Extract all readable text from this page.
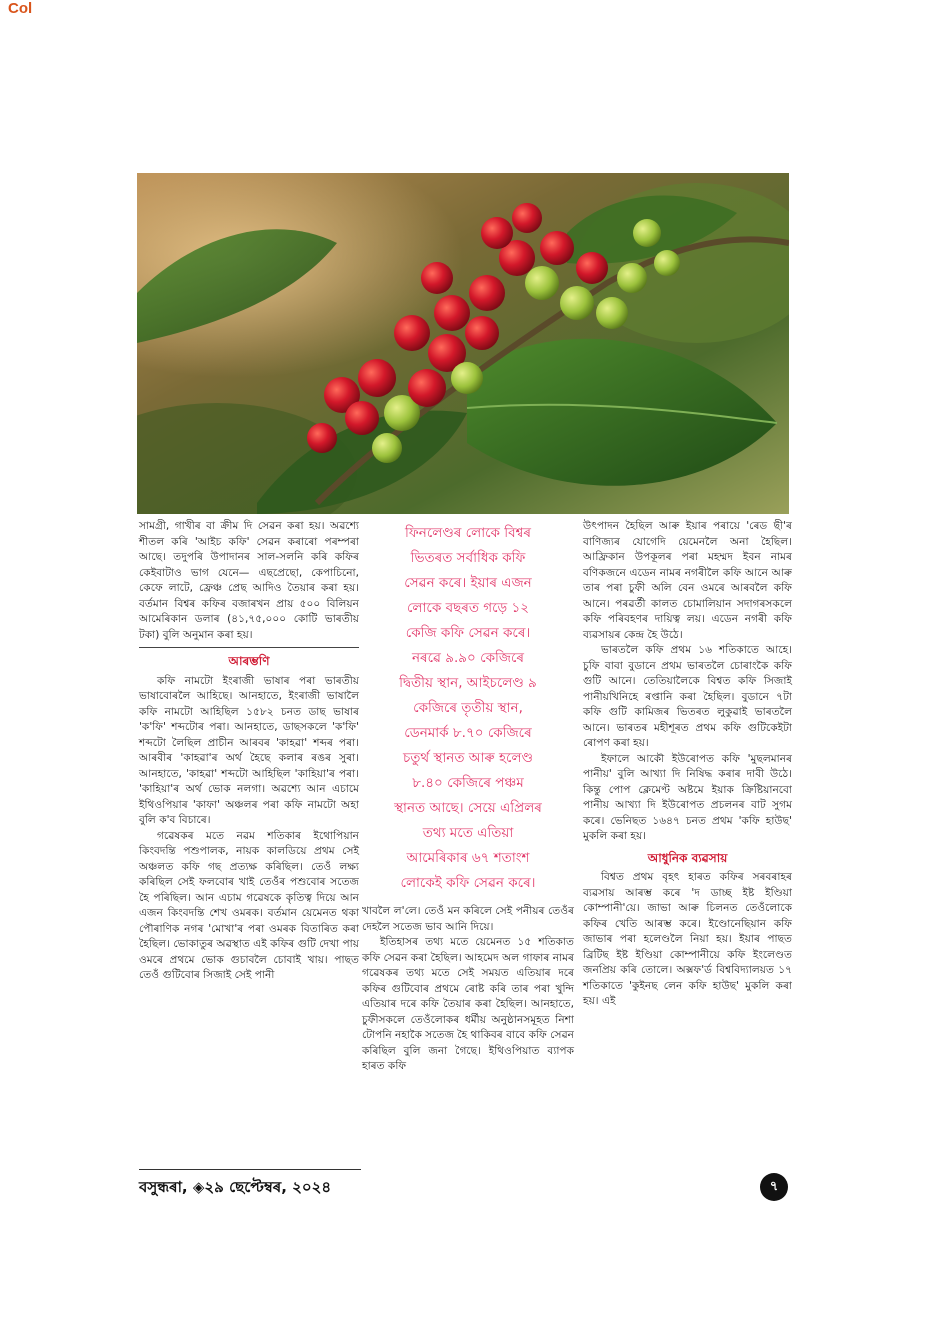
Col

সামগ্ৰী, গাখীৰ বা ক্ৰীম দি সেৱন কৰা হয়। অৱশ্যে শীতল কৰি 'আইচ কফি' সেৱন কৰাৰো পৰম্পৰা আছে। তদুপৰি উপাদানৰ সাল-সলনি কৰি কফিৰ কেইবাটাও ভাগ যেনে— এছপ্ৰেছো, কেপাচিনো, কেফে লাটে, ফ্ৰেঞ্চ প্ৰেছ আদিও তৈয়াৰ কৰা হয়। বৰ্তমান বিশ্বৰ কফিৰ বজাৰখন প্ৰায় ৫০০ বিলিয়ন আমেৰিকান ডলাৰ (৪১,৭৫,০০০ কোটি ভাৰতীয় টকা) বুলি অনুমান কৰা হয়।

আৰম্ভণি

কফি নামটো ইংৰাজী ভাষাৰ পৰা ভাৰতীয় ভাষাবোৰলৈ আহিছে। আনহাতে, ইংৰাজী ভাষালৈ কফি নামটো আহিছিল ১৫৮২ চনত ডাছ ভাষাৰ 'ক'ফি' শব্দটোৰ পৰা। আনহাতে, ডাছসকলে 'ক'ফি' শব্দটো লৈছিল প্ৰাচীন আৰবৰ 'কাহৱা' শব্দৰ পৰা। আৰবীৰ 'কাহৱা'ৰ অৰ্থ হৈছে কলাৰ ৰঙৰ সুৰা। আনহাতে, 'কাহৱা' শব্দটো আহিছিল 'কাহিয়া'ৰ পৰা। 'কাহিয়া'ৰ অৰ্থ ভোক নলগা। অৱশ্যে আন এচামে ইথিওপিয়াৰ 'কাফা' অঞ্চলৰ পৰা কফি নামটো অহা বুলি ক'ব বিচাৰে।

গৱেষকৰ মতে নৱম শতিকাৰ ইথোপিয়ান কিংবদন্তি পশুপালক, নায়ক কালডিয়ে প্ৰথম সেই অঞ্চলত কফি গছ প্ৰত্যক্ষ কৰিছিল। তেওঁ লক্ষ্য কৰিছিল সেই ফলবোৰ খাই তেওঁৰ পশুবোৰ সতেজ হৈ পৰিছিল। আন এচাম গৱেষকে কৃতিত্ব দিয়ে আন এজন কিংবদন্তি শেখ ওমৰক। বৰ্তমান য়েমেনত থকা পৌৰাণিক নগৰ 'মোখা'ৰ পৰা ওমৰক বিতাৰিত কৰা হৈছিল। ভোকাতুৰ অৱস্থাত এই কফিৰ গুটি দেখা পায় ওমৰে প্ৰথমে ভোক গুচাবলৈ চোবাই খায়। পাছত তেওঁ গুটিবোৰ সিজাই সেই পানী

ফিনলেণ্ডৰ লোকে বিশ্বৰ
ভিতৰত সৰ্বাধিক কফি
সেৱন কৰে। ইয়াৰ এজন
লোকে বছৰত গড়ে ১২
কেজি কফি সেৱন কৰে।
নৰৱে ৯.৯০ কেজিৰে
দ্বিতীয় স্থান, আইচলেণ্ড ৯
কেজিৰে তৃতীয় স্থান,
ডেনমাৰ্ক ৮.৭০ কেজিৰে
চতুৰ্থ স্থানত আৰু হলেণ্ড
৮.৪০ কেজিৰে পঞ্চম
স্থানত আছে। সেয়ে এপ্ৰিলৰ
তথ্য মতে এতিয়া
আমেৰিকাৰ ৬৭ শতাংশ
লোকেই কফি সেৱন কৰে।

খাবলৈ ল'লে। তেওঁ মন কৰিলে সেই পনীয়ৰ তেওঁৰ দেহলৈ সতেজ ভাব আনি দিয়ে।

ইতিহাসৰ তথ্য মতে য়েমেনত ১৫ শতিকাত কফি সেৱন কৰা হৈছিল। আহমেদ অল গাফাৰ নামৰ গৱেষকৰ তথ্য মতে সেই সময়ত এতিয়াৰ দৰে কফিৰ গুটিবোৰ প্ৰথমে ৰোষ্ট কৰি তাৰ পৰা খুন্দি এতিয়াৰ দৰে কফি তৈয়াৰ কৰা হৈছিল। আনহাতে, চুফীসকলে তেওঁলোকৰ ধৰ্মীয় অনুষ্ঠানসমূহত নিশা টোপনি নহাকৈ সতেজ হৈ থাকিবৰ বাবে কফি সেৱন কৰিছিল বুলি জনা গৈছে। ইথিওপিয়াত ব্যাপক হাৰত কফি

উৎপাদন হৈছিল আৰু ইয়াৰ পৰায়ে 'ৰেড ছী'ৰ বাণিজ্যৰ যোগেদি য়েমেনলৈ অনা হৈছিল। আফ্ৰিকান উপকূলৰ পৰা মহম্মদ ইবন নামৰ বণিকজনে এডেন নামৰ নগৰীলৈ কফি আনে আৰু তাৰ পৰা চুফী অলি বেন ওমৰে আৰবলৈ কফি আনে। পৰৱৰ্তী কালত চোমালিয়ান সদাগৰসকলে কফি পৰিবহণৰ দায়িত্ব লয়। এডেন নগৰী কফি ব্যৱসায়ৰ কেন্দ্ৰ হৈ উঠে।

ভাৰতলৈ কফি প্ৰথম ১৬ শতিকাতে আহে। চুফি বাবা বুডানে প্ৰথম ভাৰতলৈ চোৰাংকৈ কফি গুটি আনে। তেতিয়ালৈকে বিশ্বত কফি সিজাই পানীয়খিনিহে ৰপ্তানি কৰা হৈছিল। বুডানে ৭টা কফি গুটি কামিজৰ ভিতৰত লুকুৱাই ভাৰতলৈ আনে। ভাৰতৰ মহীশূৰত প্ৰথম কফি গুটিকেইটা ৰোপণ কৰা হয়।

ইফালে আকৌ ইউৰোপত কফি 'মুছলমানৰ পানীয়' বুলি আখ্যা দি নিষিদ্ধ কৰাৰ দাবী উঠে। কিন্তু পোপ ক্লেমেণ্ট অষ্টমে ইয়াক ক্ৰিষ্টিয়ানবো পানীয় আখ্যা দি ইউৰোপত প্ৰচলনৰ বাট সুগম কৰে। ভেনিছত ১৬৪৭ চনত প্ৰথম 'কফি হাউছ' মুকলি কৰা হয়।

আধুনিক ব্যৱসায়

বিশ্বত প্ৰথম বৃহৎ হাৰত কফিৰ সৰবৰাহৰ ব্যৱসায় আৰম্ভ কৰে 'দ ডাচ্ছ ইষ্ট ইণ্ডিয়া কোম্পানী'য়ে। জাভা আৰু চিলনত তেওঁলোকে কফিৰ খেতি আৰম্ভ কৰে। ইণ্ডোনেছিয়ান কফি জাভাৰ পৰা হলেণ্ডলৈ নিয়া হয়। ইয়াৰ পাছত ব্ৰিটিছ ইষ্ট ইণ্ডিয়া কোম্পানীয়ে কফি ইংলেণ্ডত জনপ্ৰিয় কৰি তোলে। অক্সফ'ৰ্ড বিশ্ববিদ্যালয়ত ১৭ শতিকাতে 'কুইনছ লেন কফি হাউছ' মুকলি কৰা হয়। এই

বসুন্ধৰা, ◈২৯ ছেপ্টেম্বৰ, ২০২৪	৭
